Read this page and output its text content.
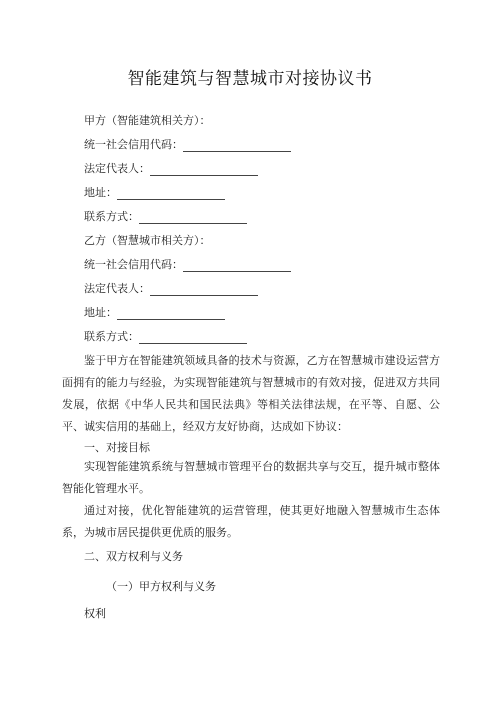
智能建筑与智慧城市对接协议书
甲方（智能建筑相关方）：
统一社会信用代码：
法定代表人：
地址：
联系方式：
乙方（智慧城市相关方）：
统一社会信用代码：
法定代表人：
地址：
联系方式：

鉴于甲方在智能建筑领域具备的技术与资源，乙方在智慧城市建设运营方面拥有的能力与经验，为实现智能建筑与智慧城市的有效对接，促进双方共同发展，依据《中华人民共和国民法典》等相关法律法规，在平等、自愿、公平、诚实信用的基础上，经双方友好协商，达成如下协议：

一、对接目标

实现智能建筑系统与智慧城市管理平台的数据共享与交互，提升城市整体智能化管理水平。

通过对接，优化智能建筑的运营管理，使其更好地融入智慧城市生态体系，为城市居民提供更优质的服务。

二、双方权利与义务
（一）甲方权利与义务
权利
